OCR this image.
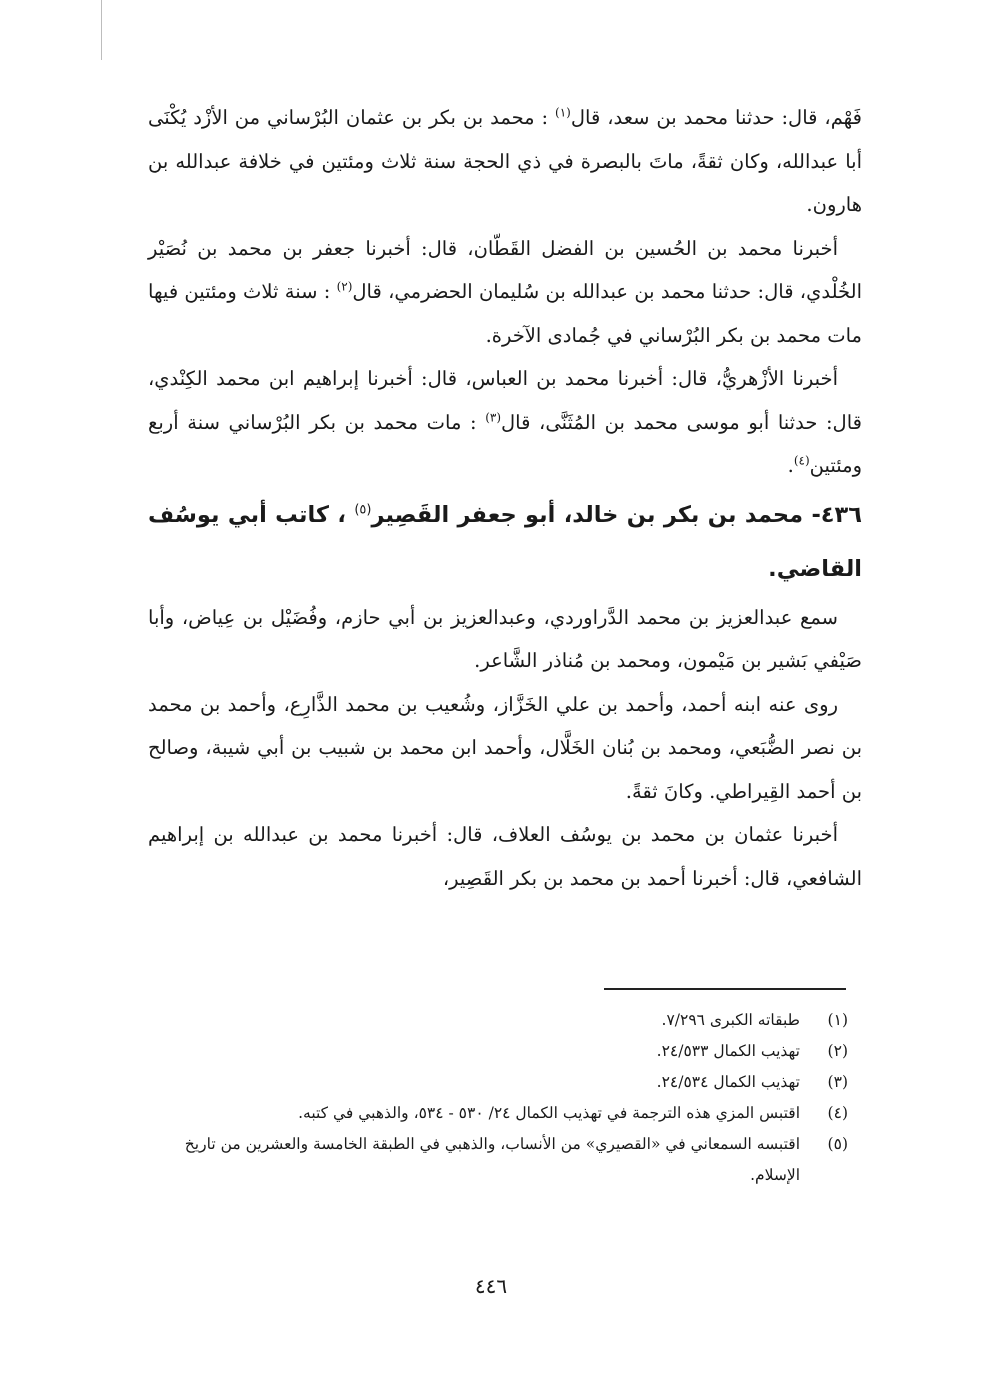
فَهْم، قال: حدثنا محمد بن سعد، قال$^{(١)}$ : محمد بن بكر بن عثمان البُرْساني من الأزْد يُكْنَى أبا عبدالله، وكان ثقةً، ماتَ بالبصرة في ذي الحجة سنة ثلاث ومئتين في خلافة عبدالله بن هارون.

أخبرنا محمد بن الحُسين بن الفضل القَطّان، قال: أخبرنا جعفر بن محمد بن نُصَيْر الخُلْدي، قال: حدثنا محمد بن عبدالله بن سُليمان الحضرمي، قال$^{(٢)}$ : سنة ثلاث ومئتين فيها مات محمد بن بكر البُرْساني في جُمادى الآخرة.

أخبرنا الأزْهريُّ، قال: أخبرنا محمد بن العباس، قال: أخبرنا إبراهيم ابن محمد الكِنْدي، قال: حدثنا أبو موسى محمد بن المُثَنَّى، قال$^{(٣)}$ : مات محمد بن بكر البُرْساني سنة أربع ومئتين$^{(٤)}$.

٤٣٦- محمد بن بكر بن خالد، أبو جعفر القَصِير$^{(٥)}$ ، كاتب أبي يوسُف القاضي.

سمع عبدالعزيز بن محمد الدَّراوردي، وعبدالعزيز بن أبي حازم، وفُضَيْل بن عِياض، وأبا صَيْفي بَشير بن مَيْمون، ومحمد بن مُناذر الشَّاعر.

روى عنه ابنه أحمد، وأحمد بن علي الخَزَّاز، وشُعيب بن محمد الذَّارِع، وأحمد بن محمد بن نصر الضُّبَعي، ومحمد بن بُنان الخَلَّال، وأحمد ابن محمد بن شبيب بن أبي شيبة، وصالح بن أحمد القِيراطي. وكانَ ثقةً.

أخبرنا عثمان بن محمد بن يوسُف العلاف، قال: أخبرنا محمد بن عبدالله بن إبراهيم الشافعي، قال: أخبرنا أحمد بن محمد بن بكر القَصِير،

(١)
طبقاته الكبرى ٧/٢٩٦.
(٢)
تهذيب الكمال ٢٤/٥٣٣.
(٣)
تهذيب الكمال ٢٤/٥٣٤.
(٤)
اقتبس المزي هذه الترجمة في تهذيب الكمال ٢٤/ ٥٣٠ - ٥٣٤، والذهبي في كتبه.
(٥)
اقتبسه السمعاني في «القصيري» من الأنساب، والذهبي في الطبقة الخامسة والعشرين من تاريخ الإسلام.
٤٤٦
